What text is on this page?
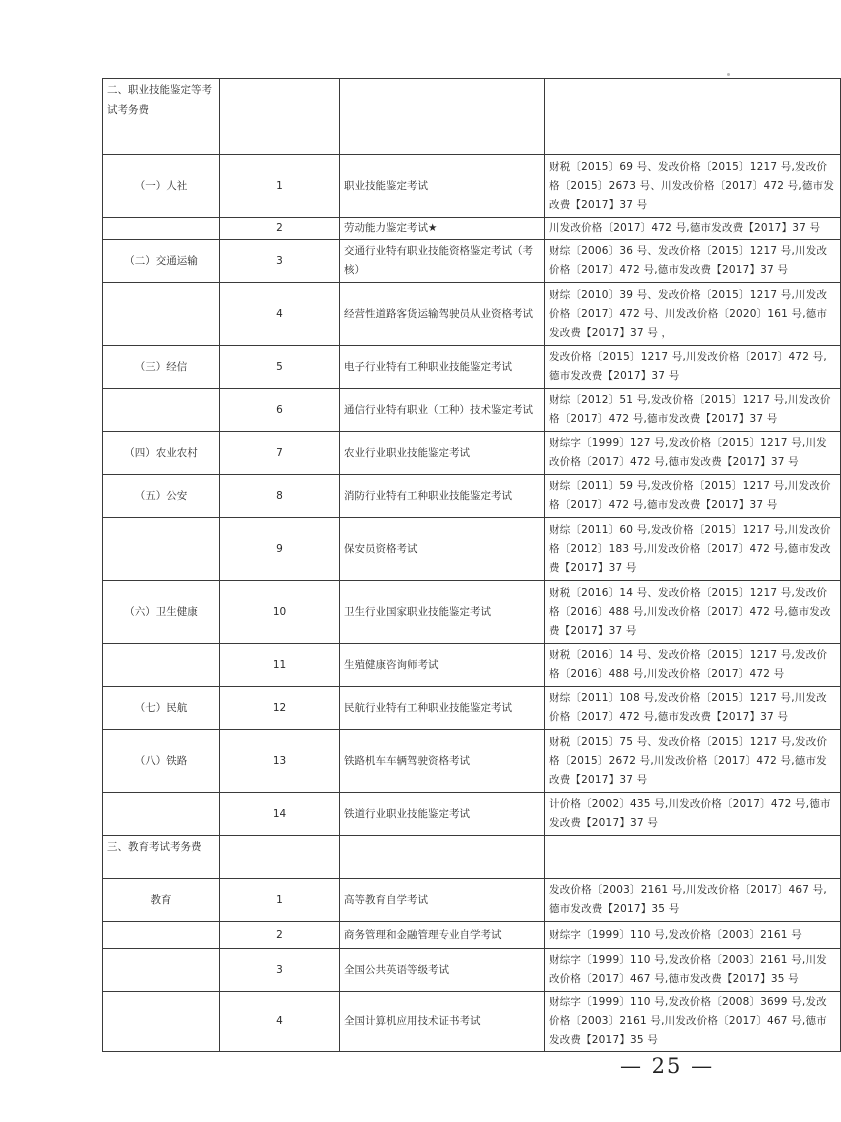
二、职业技能鉴定等考试考务费			
（一）人社	1	职业技能鉴定考试	财税〔2015〕69 号、发改价格〔2015〕1217 号,发改价格〔2015〕2673 号、川发改价格〔2017〕472 号,德市发改费【2017】37 号
	2	劳动能力鉴定考试★	川发改价格〔2017〕472 号,德市发改费【2017】37 号
（二）交通运输	3	交通行业特有职业技能资格鉴定考试（考核）	财综〔2006〕36 号、发改价格〔2015〕1217 号,川发改价格〔2017〕472 号,德市发改费【2017】37 号
	4	经营性道路客货运输驾驶员从业资格考试	财综〔2010〕39 号、发改价格〔2015〕1217 号,川发改价格〔2017〕472 号、川发改价格〔2020〕161 号,德市发改费【2017】37 号 ，
（三）经信	5	电子行业特有工种职业技能鉴定考试	发改价格〔2015〕1217 号,川发改价格〔2017〕472 号,德市发改费【2017】37 号
	6	通信行业特有职业（工种）技术鉴定考试	财综〔2012〕51 号,发改价格〔2015〕1217 号,川发改价格〔2017〕472 号,德市发改费【2017】37 号
（四）农业农村	7	农业行业职业技能鉴定考试	财综字〔1999〕127 号,发改价格〔2015〕1217 号,川发改价格〔2017〕472 号,德市发改费【2017】37 号
（五）公安	8	消防行业特有工种职业技能鉴定考试	财综〔2011〕59 号,发改价格〔2015〕1217 号,川发改价格〔2017〕472 号,德市发改费【2017】37 号
	9	保安员资格考试	财综〔2011〕60 号,发改价格〔2015〕1217 号,川发改价格〔2012〕183 号,川发改价格〔2017〕472 号,德市发改费【2017】37 号
（六）卫生健康	10	卫生行业国家职业技能鉴定考试	财税〔2016〕14 号、发改价格〔2015〕1217 号,发改价格〔2016〕488 号,川发改价格〔2017〕472 号,德市发改费【2017】37 号
	11	生殖健康咨询师考试	财税〔2016〕14 号、发改价格〔2015〕1217 号,发改价格〔2016〕488 号,川发改价格〔2017〕472 号
（七）民航	12	民航行业特有工种职业技能鉴定考试	财综〔2011〕108 号,发改价格〔2015〕1217 号,川发改价格〔2017〕472 号,德市发改费【2017】37 号
（八）铁路	13	铁路机车车辆驾驶资格考试	财税〔2015〕75 号、发改价格〔2015〕1217 号,发改价格〔2015〕2672 号,川发改价格〔2017〕472 号,德市发改费【2017】37 号
	14	铁道行业职业技能鉴定考试	计价格〔2002〕435 号,川发改价格〔2017〕472 号,德市发改费【2017】37 号
三、教育考试考务费			
教育	1	高等教育自学考试	发改价格〔2003〕2161 号,川发改价格〔2017〕467 号,德市发改费【2017】35 号
	2	商务管理和金融管理专业自学考试	财综字〔1999〕110 号,发改价格〔2003〕2161 号
	3	全国公共英语等级考试	财综字〔1999〕110 号,发改价格〔2003〕2161 号,川发改价格〔2017〕467 号,德市发改费【2017】35 号
	4	全国计算机应用技术证书考试	财综字〔1999〕110 号,发改价格〔2008〕3699 号,发改价格〔2003〕2161 号,川发改价格〔2017〕467 号,德市发改费【2017】35 号
— 25 —
